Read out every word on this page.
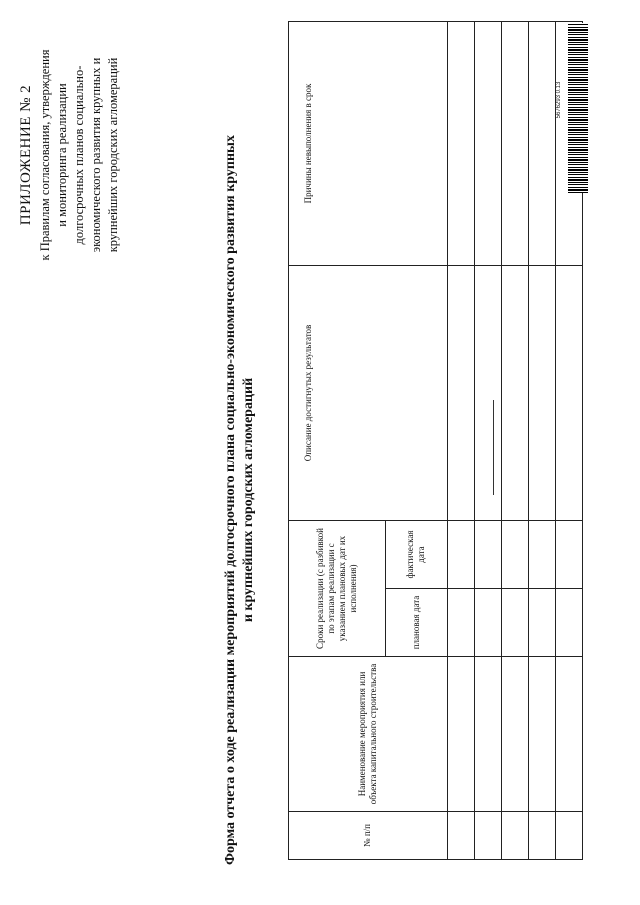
ПРИЛОЖЕНИЕ № 2 к Правилам согласования, утверждения и мониторинга реализации долгосрочных планов социально- экономического развития крупных и крупнейших городских агломераций	Форма отчета о ходе реализации мероприятий долгосрочного плана социально-экономического развития крупных и крупнейших городских агломераций
№ п/п	Наименование мероприятия или объекта капитального строительства	Сроки реализации (с разбивкой по этапам реализации с указанием плановых дат их исполнения)		Описание достигнутых результатов	Причины невыполнения в срок
		плановая дата	фактическая дата		

5676293 0.13
